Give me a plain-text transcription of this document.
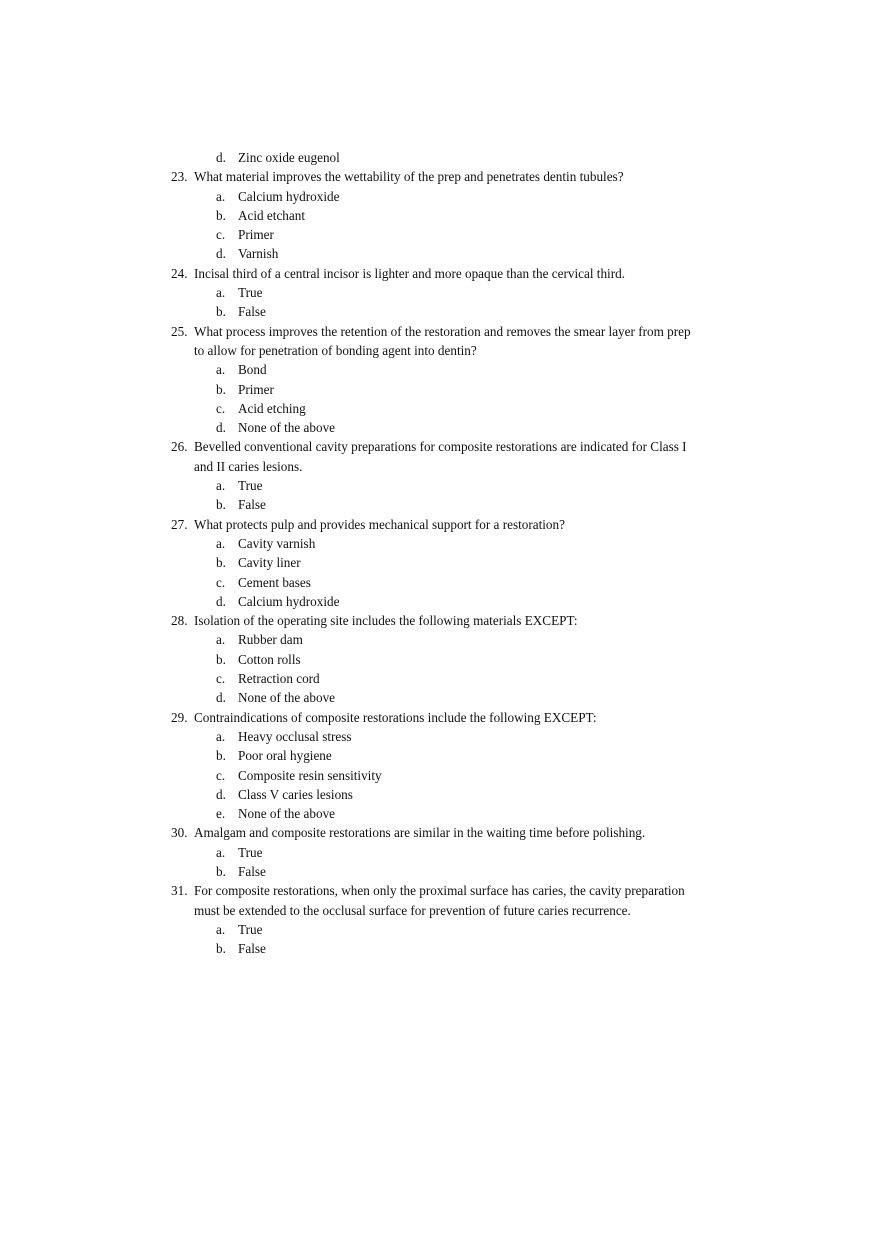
d. Zinc oxide eugenol
23. What material improves the wettability of the prep and penetrates dentin tubules?
a. Calcium hydroxide
b. Acid etchant
c. Primer
d. Varnish
24. Incisal third of a central incisor is lighter and more opaque than the cervical third.
a. True
b. False
25. What process improves the retention of the restoration and removes the smear layer from prep
to allow for penetration of bonding agent into dentin?
a. Bond
b. Primer
c. Acid etching
d. None of the above
26. Bevelled conventional cavity preparations for composite restorations are indicated for Class I
and II caries lesions.
a. True
b. False
27. What protects pulp and provides mechanical support for a restoration?
a. Cavity varnish
b. Cavity liner
c. Cement bases
d. Calcium hydroxide
28. Isolation of the operating site includes the following materials EXCEPT:
a. Rubber dam
b. Cotton rolls
c. Retraction cord
d. None of the above
29. Contraindications of composite restorations include the following EXCEPT:
a. Heavy occlusal stress
b. Poor oral hygiene
c. Composite resin sensitivity
d. Class V caries lesions
e. None of the above
30. Amalgam and composite restorations are similar in the waiting time before polishing.
a. True
b. False
31. For composite restorations, when only the proximal surface has caries, the cavity preparation
must be extended to the occlusal surface for prevention of future caries recurrence.
a. True
b. False
